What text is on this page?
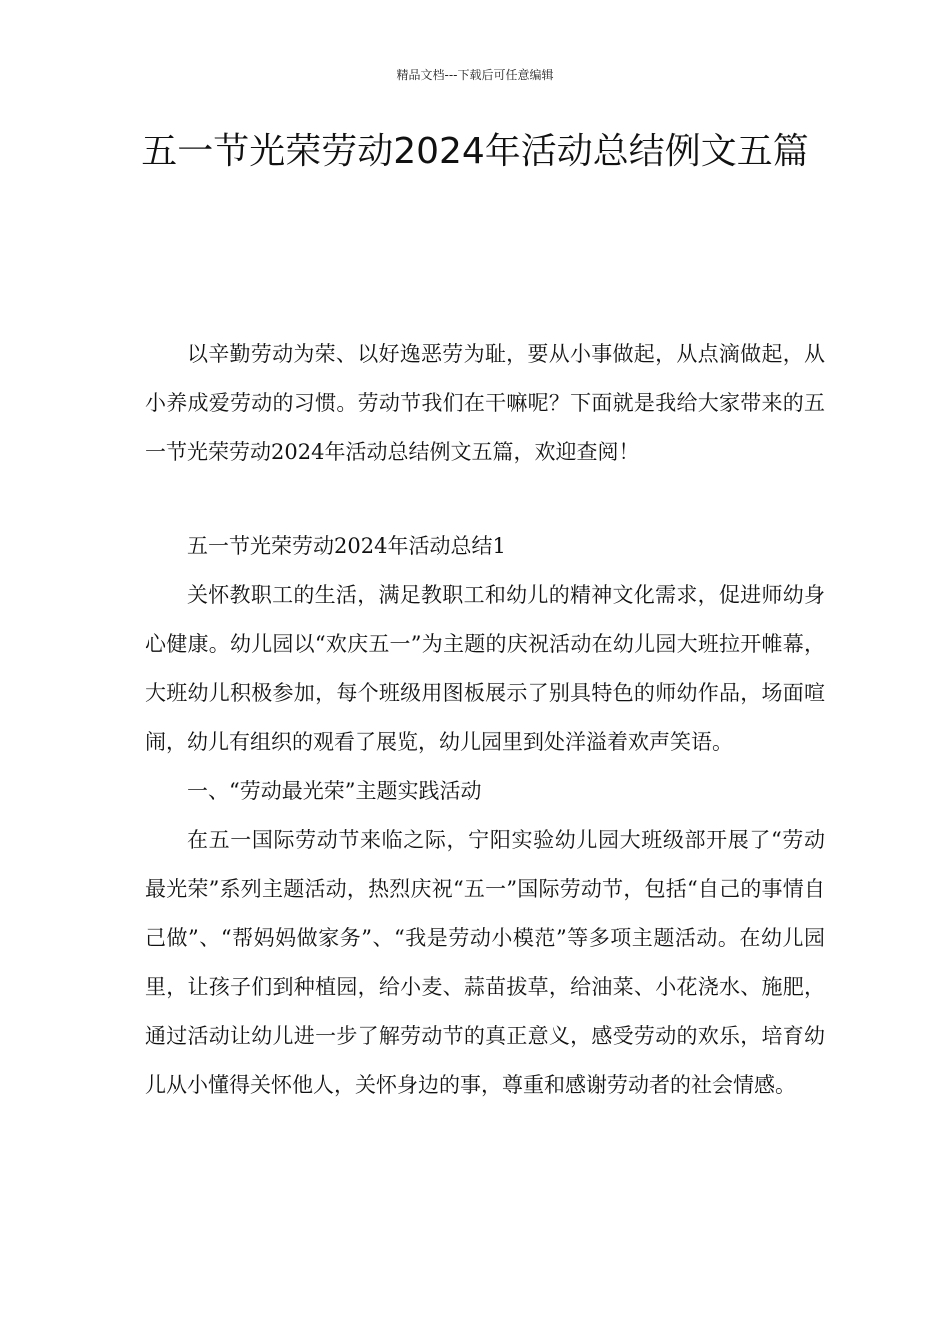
精品文档---下载后可任意编辑
五一节光荣劳动2024年活动总结例文五篇

以辛勤劳动为荣、以好逸恶劳为耻，要从小事做起，从点滴做起，从小养成爱劳动的习惯。劳动节我们在干嘛呢？下面就是我给大家带来的五一节光荣劳动2024年活动总结例文五篇，欢迎查阅！

五一节光荣劳动2024年活动总结1

关怀教职工的生活，满足教职工和幼儿的精神文化需求，促进师幼身心健康。幼儿园以“欢庆五一”为主题的庆祝活动在幼儿园大班拉开帷幕，大班幼儿积极参加，每个班级用图板展示了别具特色的师幼作品，场面喧闹，幼儿有组织的观看了展览，幼儿园里到处洋溢着欢声笑语。

一、“劳动最光荣”主题实践活动

在五一国际劳动节来临之际，宁阳实验幼儿园大班级部开展了“劳动最光荣”系列主题活动，热烈庆祝“五一”国际劳动节，包括“自己的事情自己做”、“帮妈妈做家务”、“我是劳动小模范”等多项主题活动。在幼儿园里，让孩子们到种植园，给小麦、蒜苗拔草，给油菜、小花浇水、施肥，通过活动让幼儿进一步了解劳动节的真正意义，感受劳动的欢乐，培育幼儿从小懂得关怀他人，关怀身边的事，尊重和感谢劳动者的社会情感。
